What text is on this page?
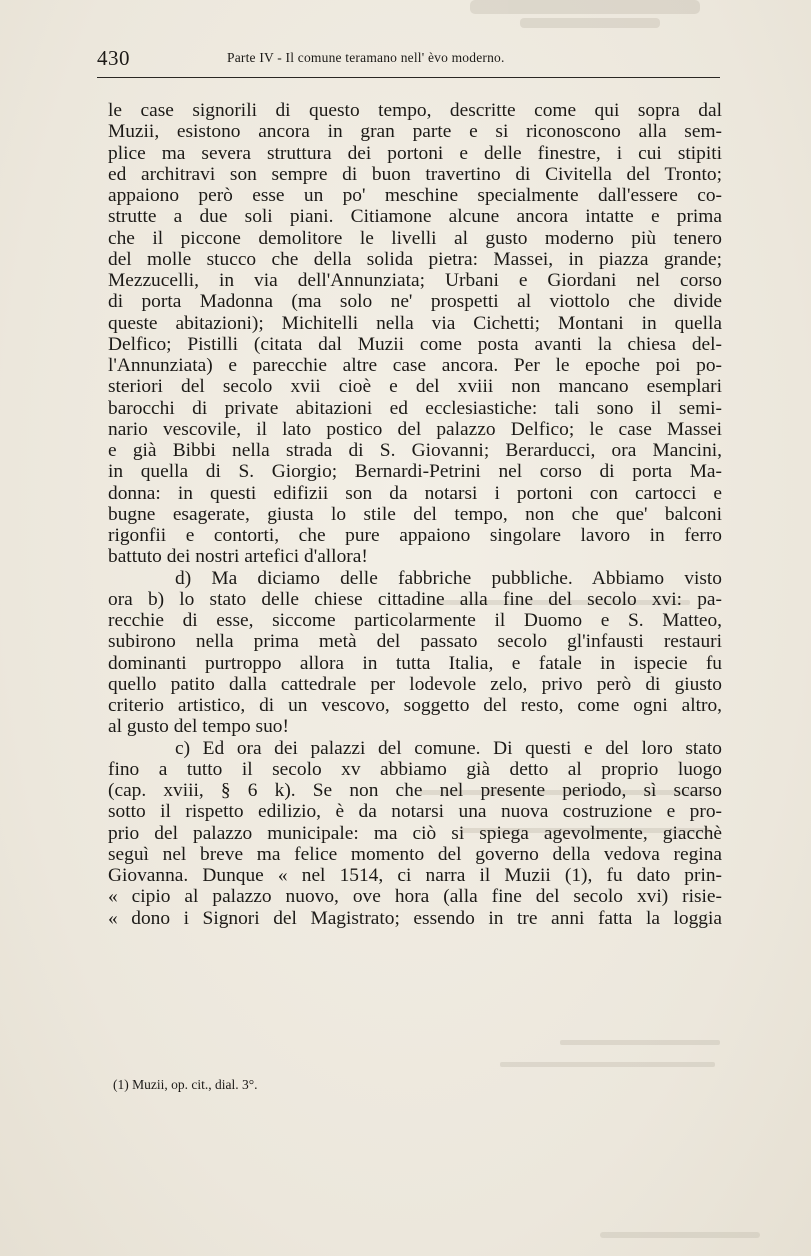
430	Parte IV - Il comune teramano nell' èvo moderno.
le case signorili di questo tempo, descritte come qui sopra dal
Muzii, esistono ancora in gran parte e si riconoscono alla sem-
plice ma severa struttura dei portoni e delle finestre, i cui stipiti
ed architravi son sempre di buon travertino di Civitella del Tronto;
appaiono però esse un po' meschine specialmente dall'essere co-
strutte a due soli piani. Citiamone alcune ancora intatte e prima
che il piccone demolitore le livelli al gusto moderno più tenero
del molle stucco che della solida pietra: Massei, in piazza grande;
Mezzucelli, in via dell'Annunziata; Urbani e Giordani nel corso
di porta Madonna (ma solo ne' prospetti al viottolo che divide
queste abitazioni); Michitelli nella via Cichetti; Montani in quella
Delfico; Pistilli (citata dal Muzii come posta avanti la chiesa del-
l'Annunziata) e parecchie altre case ancora. Per le epoche poi po-
steriori del secolo xvii cioè e del xviii non mancano esemplari
barocchi di private abitazioni ed ecclesiastiche: tali sono il semi-
nario vescovile, il lato postico del palazzo Delfico; le case Massei
e già Bibbi nella strada di S. Giovanni; Berarducci, ora Mancini,
in quella di S. Giorgio; Bernardi-Petrini nel corso di porta Ma-
donna: in questi edifizii son da notarsi i portoni con cartocci e
bugne esagerate, giusta lo stile del tempo, non che que' balconi
rigonfii e contorti, che pure appaiono singolare lavoro in ferro
battuto dei nostri artefici d'allora!
d) Ma diciamo delle fabbriche pubbliche. Abbiamo visto
ora b) lo stato delle chiese cittadine alla fine del secolo xvi: pa-
recchie di esse, siccome particolarmente il Duomo e S. Matteo,
subirono nella prima metà del passato secolo gl'infausti restauri
dominanti purtroppo allora in tutta Italia, e fatale in ispecie fu
quello patito dalla cattedrale per lodevole zelo, privo però di giusto
criterio artistico, di un vescovo, soggetto del resto, come ogni altro,
al gusto del tempo suo!
c) Ed ora dei palazzi del comune. Di questi e del loro stato
fino a tutto il secolo xv abbiamo già detto al proprio luogo
(cap. xviii, § 6 k). Se non che nel presente periodo, sì scarso
sotto il rispetto edilizio, è da notarsi una nuova costruzione e pro-
prio del palazzo municipale: ma ciò si spiega agevolmente, giacchè
seguì nel breve ma felice momento del governo della vedova regina
Giovanna. Dunque « nel 1514, ci narra il Muzii (1), fu dato prin-
« cipio al palazzo nuovo, ove hora (alla fine del secolo xvi) risie-
« dono i Signori del Magistrato; essendo in tre anni fatta la loggia
(1) Muzii, op. cit., dial. 3°.
